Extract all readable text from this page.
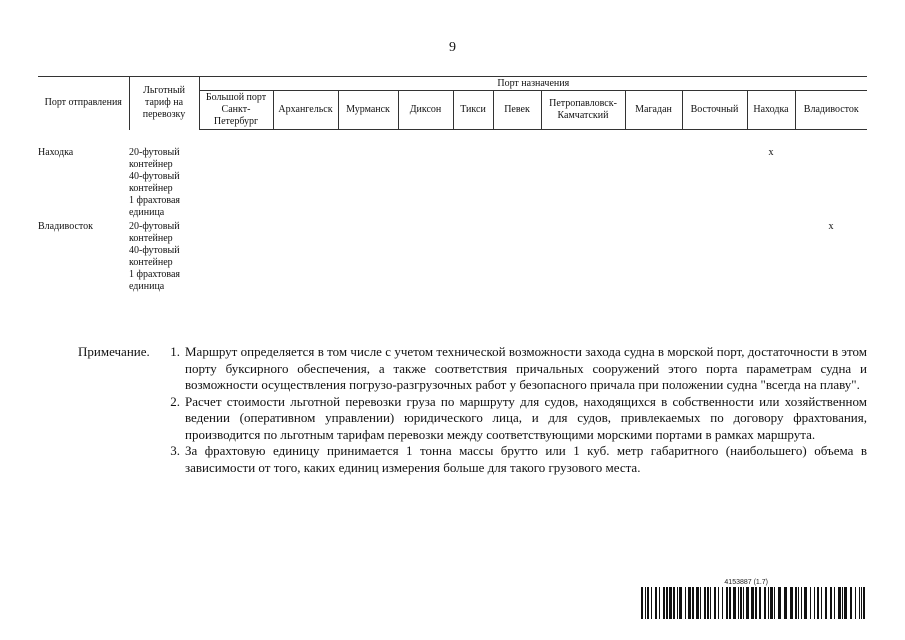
9
Порт отправления	Льготный тариф на перевозку	Порт назначения										
		Большой порт Санкт-Петербург	Архангельск	Мурманск	Диксон	Тикси	Певек	Петропавловск-Камчатский	Магадан	Восточный	Находка	Владивосток

Находка	20-футовый контейнер										x	
	40-футовый контейнер											
	1 фрахтовая единица											
Владивосток	20-футовый контейнер											x
	40-футовый контейнер											
	1 фрахтовая единица											
Примечание.	1. Маршрут определяется в том числе с учетом технической возможности захода судна в морской порт, достаточности в этом порту буксирного обеспечения, а также соответствия причальных сооружений этого порта параметрам судна и возможности осуществления погрузо-разгрузочных работ у безопасного причала при положении судна "всегда на плаву".
2. Расчет стоимости льготной перевозки груза по маршруту для судов, находящихся в собственности или хозяйственном ведении (оперативном управлении) юридического лица, и для судов, привлекаемых по договору фрахтования, производится по льготным тарифам перевозки между соответствующими морскими портами в рамках маршрута.
3. За фрахтовую единицу принимается 1 тонна массы брутто или 1 куб. метр габаритного (наибольшего) объема в зависимости от того, каких единиц измерения больше для такого грузового места.
4153887 (1.7)
